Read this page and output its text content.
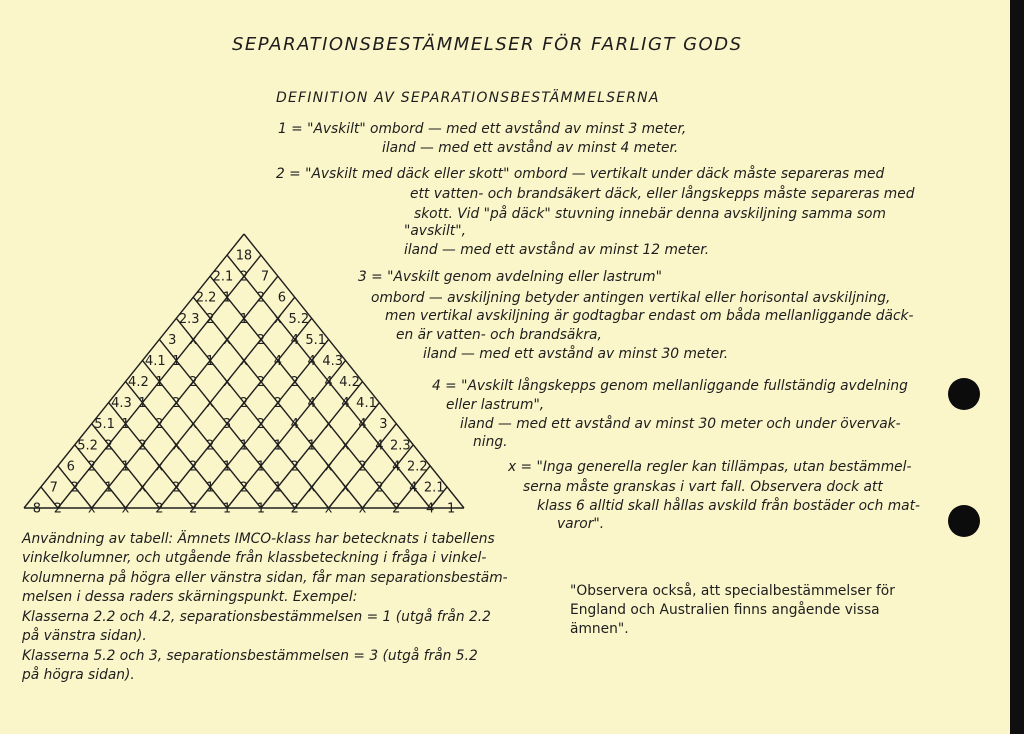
SEPARATIONSBESTÄMMELSER FÖR FARLIGT GODS

DEFINITION AV SEPARATIONSBESTÄMMELSERNA

1 = "Avskilt" ombord — med ett avstånd av minst 3 meter,

iland — med ett avstånd av minst 4 meter.

2 = "Avskilt med däck eller skott" ombord — vertikalt under däck måste separeras med

ett vatten- och brandsäkert däck, eller långskepps måste separeras med

skott. Vid "på däck" stuvning innebär denna avskiljning samma som

"avskilt",

iland — med ett avstånd av minst 12 meter.

3 = "Avskilt genom avdelning eller lastrum"

ombord — avskiljning betyder antingen vertikal eller horisontal avskiljning,

men vertikal avskiljning är godtagbar endast om båda mellanliggande däck-

en är vatten- och brandsäkra,

iland — med ett avstånd av minst 30 meter.

4 = "Avskilt långskepps genom mellanliggande fullständig avdelning

eller lastrum",

iland — med ett avstånd av minst 30 meter och under övervak-

ning.

x = "Inga generella regler kan tillämpas, utan bestämmel-

serna måste granskas i vart fall. Observera dock att

klass 6 alltid skall hållas avskild från bostäder och mat-

varor".

Användning av tabell: Ämnets IMCO-klass har betecknats i tabellens

vinkelkolumner, och utgående från klassbeteckning i fråga i vinkel-

kolumnerna på högra eller vänstra sidan, får man separationsbestäm-

melsen i dessa raders skärningspunkt. Exempel:

Klasserna 2.2 och 4.2, separationsbestämmelsen = 1 (utgå från 2.2

på vänstra sidan).

Klasserna 5.2 och 3, separationsbestämmelsen = 3 (utgå från 5.2

på högra sidan).

"Observera också, att specialbestämmelser för

England och Australien finns angående vissa

ämnen".

1
2.1
2.2
2.3
3
4.1
4.2
4.3
5.1
5.2
6
7
8
8
7
6
5.2
5.1
4.3
4.2
4.1
3
2.3
2.2
2.1
1
2
1 2
2 1 x
x x 2 4
1 1 x 4 4
1 2 x 2 2 4
1 2 x 2 2 4 4
1 2 x 3 2 4 x 4
2 2 x 2 1 1 1 x 4
2 1 x 2 1 1 2 x 2 4
2 1 x 2 1 2 1 x x 2 4
2 x x 2 2 1 1 2 x x 2 4
